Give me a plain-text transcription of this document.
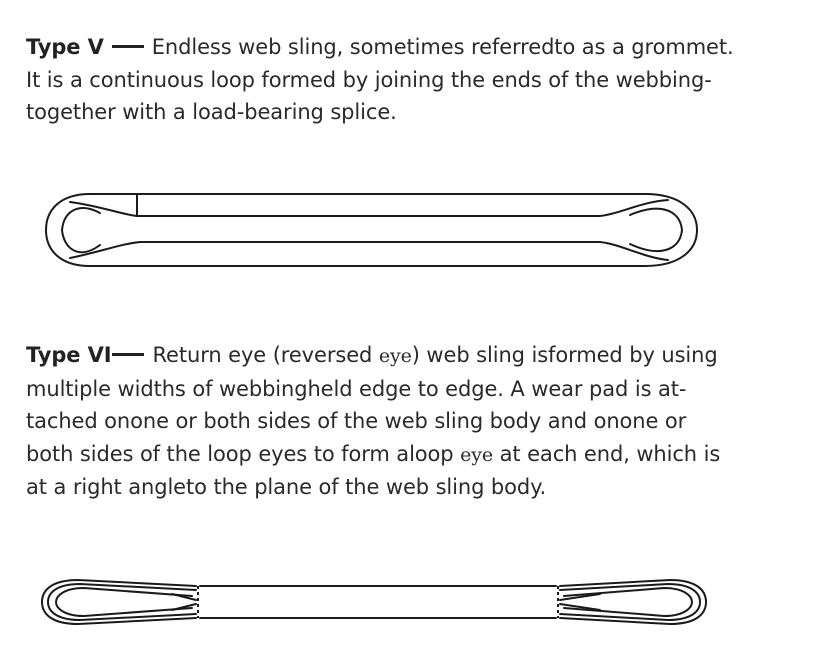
Type V Endless web sling, sometimes referredto as a grommet.
It is a continuous loop formed by joining the ends of the webbing-
together with a load-bearing splice.
Type VI Return eye (reversed eye) web sling isformed by using
multiple widths of webbingheld edge to edge. A wear pad is at-
tached onone or both sides of the web sling body and onone or
both sides of the loop eyes to form aloop eye at each end, which is
at a right angleto the plane of the web sling body.
